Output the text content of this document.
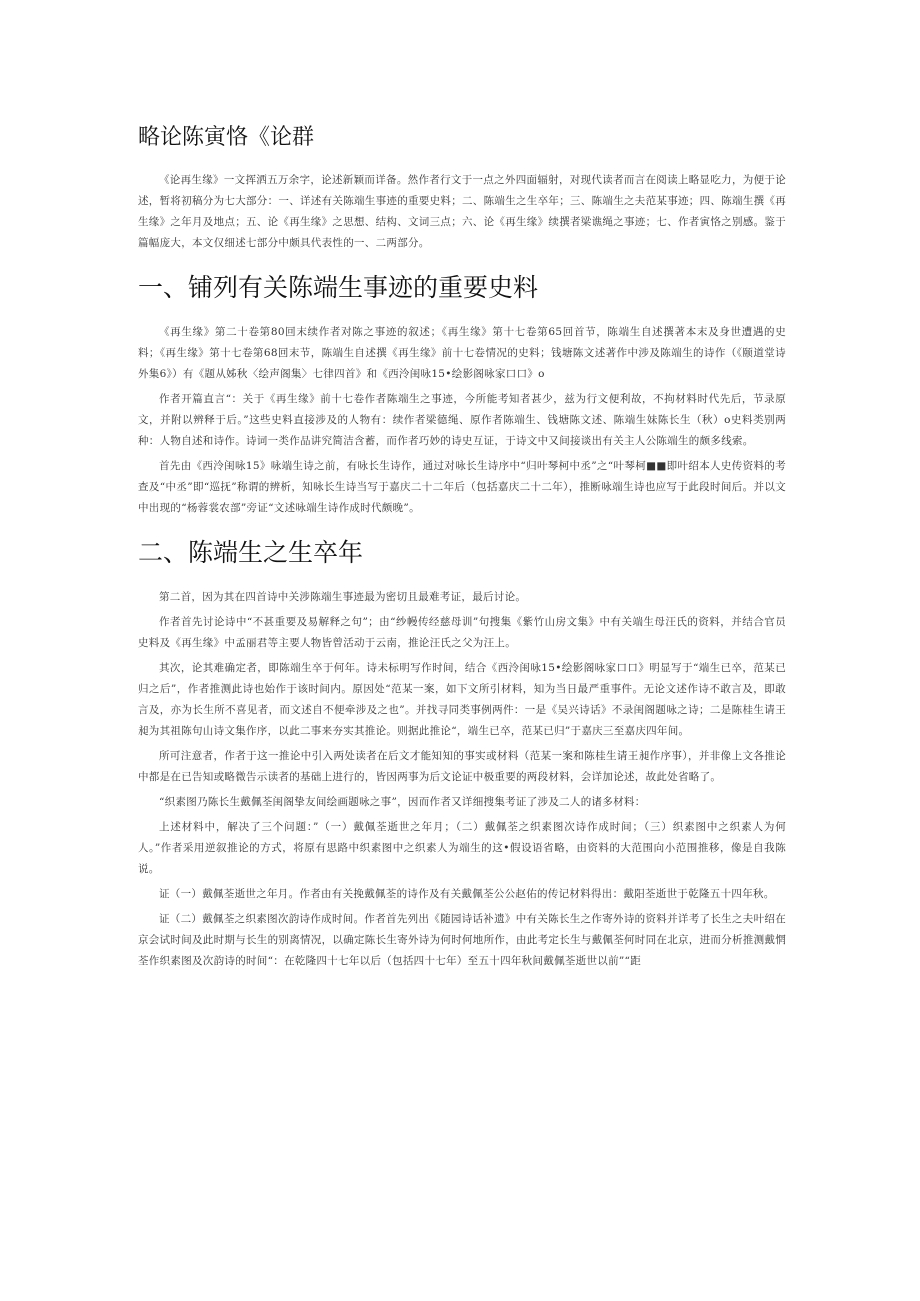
略论陈寅恪《论群

《论再生缘》一文挥洒五万余字，论述新颖而详备。然作者行文于一点之外四面辐射，对现代读者而言在阅读上略显吃力，为便于论述，暂将初稿分为七大部分：一、详述有关陈端生事迹的重要史料；二、陈端生之生卒年；三、陈端生之夫范某事迹；四、陈端生撰《再生缘》之年月及地点；五、论《再生缘》之思想、结构、文词三点；六、论《再生缘》续撰者梁谯绳之事迹；七、作者寅恪之别感。鉴于篇幅庞大，本文仅细述七部分中颇具代表性的一、二两部分。

一、铺列有关陈端生事迹的重要史料

《再生缘》第二十卷第80回末续作者对陈之事迹的叙述；《再生缘》第十七卷第65回首节，陈端生自述撰著本末及身世遭遇的史料；《再生缘》第十七卷第68回末节，陈端生自述撰《再生缘》前十七卷情况的史料；钱塘陈文述著作中涉及陈端生的诗作（《颐道堂诗外集6》）有《题从姊秋〈绘声阁集〉七律四首》和《西泠闺咏15•绘影阁咏家口口》o

作者开篇直言“：关于《再生缘》前十七卷作者陈端生之事迹，今所能考知者甚少，兹为行文便利故，不拘材料时代先后，节录原文，并附以辨释于后。”这些史料直接涉及的人物有：续作者梁德绳、原作者陈端生、钱塘陈文述、陈端生妹陈长生（秋）o史料类别两种：人物自述和诗作。诗词一类作品讲究简洁含蓄，而作者巧妙的诗史互证，于诗文中又间接谈出有关主人公陈端生的颇多线索。

首先由《西泠闺咏15》咏端生诗之前，有咏长生诗作，通过对咏长生诗序中“归叶琴柯中丞”之“叶琴柯■■即叶绍本人史传资料的考查及“中丞”即“巡抚”称谓的辨析，知咏长生诗当写于嘉庆二十二年后（包括嘉庆二十二年），推断咏端生诗也应写于此段时间后。并以文中出现的“杨蓉裳农部”旁证“文述咏端生诗作成时代颇晚”。

二、陈端生之生卒年

第二首，因为其在四首诗中关涉陈端生事迹最为密切且最难考证，最后讨论。

作者首先讨论诗中“不甚重要及易解释之句”；由“纱幔传经慈母训”句搜集《紫竹山房文集》中有关端生母汪氏的资料，并结合官员史料及《再生缘》中孟丽君等主要人物皆曾活动于云南，推论汪氏之父为汪上。

其次，论其难确定者，即陈端生卒于何年。诗未标明写作时间，结合《西泠闺咏15•绘影阁咏家口口》明显写于“端生已卒，范某已归之后”，作者推测此诗也始作于该时间内。原因处“范某一案，如下文所引材料，知为当日最严重事件。无论文述作诗不敢言及，即敢言及，亦为长生所不喜见者，而文述自不便牵涉及之也”。并找寻同类事例两件：一是《吴兴诗话》不录闺阁题咏之诗；二是陈桂生请王昶为其祖陈句山诗文集作序，以此二事来夯实其推论。则据此推论“，端生已卒，范某已归”于嘉庆三至嘉庆四年间。

所可注意者，作者于这一推论中引入两处读者在后文才能知知的事实或材料（范某一案和陈桂生请王昶作序事），并非像上文各推论中都是在已告知或略微告示读者的基础上进行的，皆因两事为后文论证中极重要的两段材料，会详加论述，故此处省略了。

“织素图乃陈长生戴佩荃闺阁挚友间绘画题咏之事”，因而作者又详细搜集考证了涉及二人的诸多材料：

上述材料中，解决了三个问题：”（一）戴佩荃逝世之年月；（二）戴佩荃之织素图次诗作成时间；（三）织素图中之织素人为何人。”作者采用逆叙推论的方式，将原有思路中织素图中之织素人为端生的这•假设语省略，由资料的大范围向小范围推移，像是自我陈说。

证（一）戴佩荃逝世之年月。作者由有关挽戴佩荃的诗作及有关戴佩荃公公赵佑的传记材料得出：戴阳荃逝世于乾隆五十四年秋。

证（二）戴佩荃之织素图次韵诗作成时间。作者首先列出《随园诗话补遗》中有关陈长生之作寄外诗的资料并详考了长生之夫叶绍在京会试时间及此时期与长生的别离情况，以确定陈长生寄外诗为何时何地所作，由此考定长生与戴佩荃何时同在北京，进而分析推测戴惘荃作织素图及次韵诗的时间“：在乾隆四十七年以后（包括四十七年）至五十四年秋间戴佩荃逝世以前”“距
